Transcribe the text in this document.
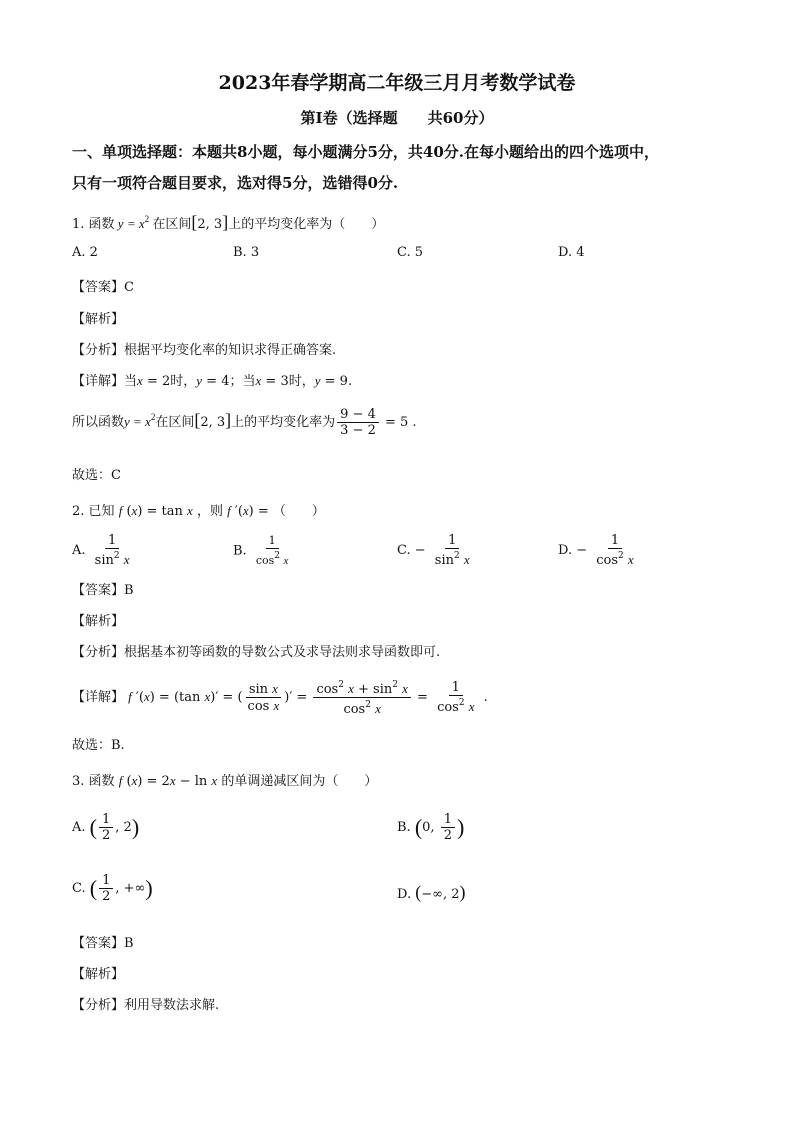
2023年春学期高二年级三月月考数学试卷
第I卷（选择题　　共60分）
一、单项选择题：本题共8小题，每小题满分5分，共40分.在每小题给出的四个选项中，
只有一项符合题目要求，选对得5分，选错得0分.
1. 函数 $y = x^2$ 在区间[2, 3]上的平均变化率为（　　）
A. 2	B. 3	C. 5	D. 4
【答案】C
【解析】
【分析】根据平均变化率的知识求得正确答案.
【详解】当x = 2时，y = 4；当x = 3时，y = 9.
所以函数$y = x^2$在区间[2, 3]上的平均变化率为 $\frac{9 - 4}{3 - 2} = 5$ .
故选：C
2. 已知 f (x) = tan x ，则 f ′(x) = （　　）
A. $\frac{1}{\sin^2 x}$	B. $\frac{1}{\cos^2 x}$	C. − $\frac{1}{\sin^2 x}$	D. − $\frac{1}{\cos^2 x}$
【答案】B
【解析】
【分析】根据基本初等函数的导数公式及求导法则求导函数即可.
【详解】 f ′(x) = (tan x)′ = ( $\frac{\text{sin x}}{\text{cos x}}$ )′ = $\frac{\cos^2 x + \sin^2 x}{\cos^2 x} = \frac{1}{\cos^2 x}$ .
故选：B.
3. 函数 f (x) = 2x − ln x 的单调递减区间为（　　）
A. ( $\frac{1}{2}$ , 2)	B. (0, $\frac{1}{2}$ )
C. ( $\frac{1}{2}$ , +∞)	D. (−∞, 2)
【答案】B
【解析】
【分析】利用导数法求解.
